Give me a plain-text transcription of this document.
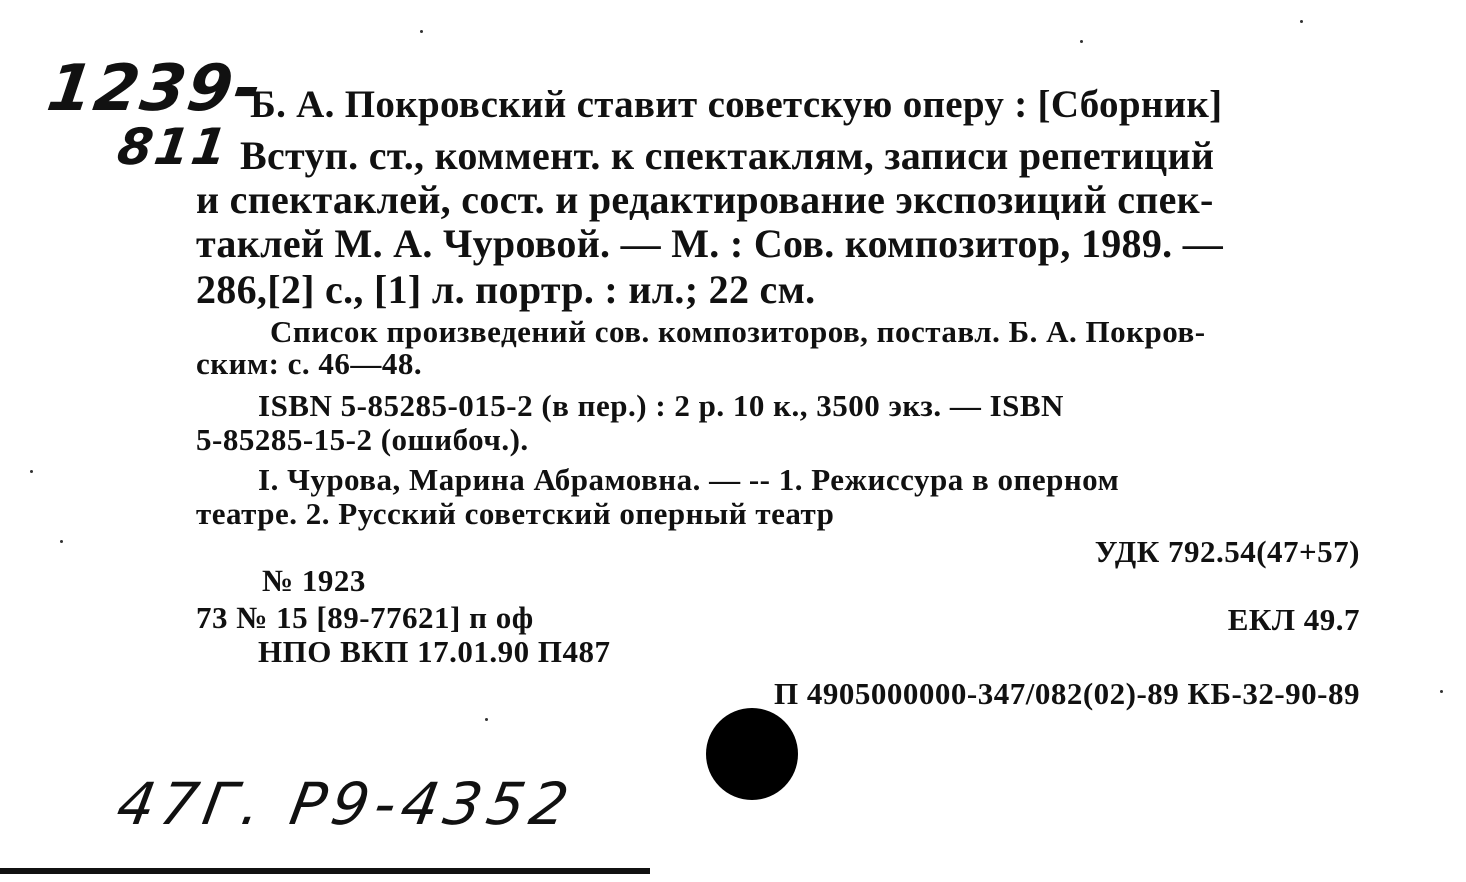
1239-
811
Б. А. Покровский ставит советскую оперу : [Сборник]
Вступ. ст., коммент. к спектаклям, записи репетиций
и спектаклей, сост. и редактирование экспозиций спек-
таклей М. А. Чуровой. — М. : Сов. композитор, 1989. —
286,[2] с., [1] л. портр. : ил.; 22 см.
Список произведений сов. композиторов, поставл. Б. А. Покров-
ским: с. 46—48.
ISBN 5-85285-015-2 (в пер.) : 2 р. 10 к., 3500 экз. — ISBN
5-85285-15-2 (ошибоч.).
I. Чурова, Марина Абрамовна. — -- 1. Режиссура в оперном
театре. 2. Русский советский оперный театр
УДК 792.54(47+57)
№ 1923
73 № 15 [89-77621] п оф	ЕКЛ 49.7
НПО ВКП 17.01.90 П487
П 4905000000-347/082(02)-89 КБ-32-90-89
47Г. Р9-4352
